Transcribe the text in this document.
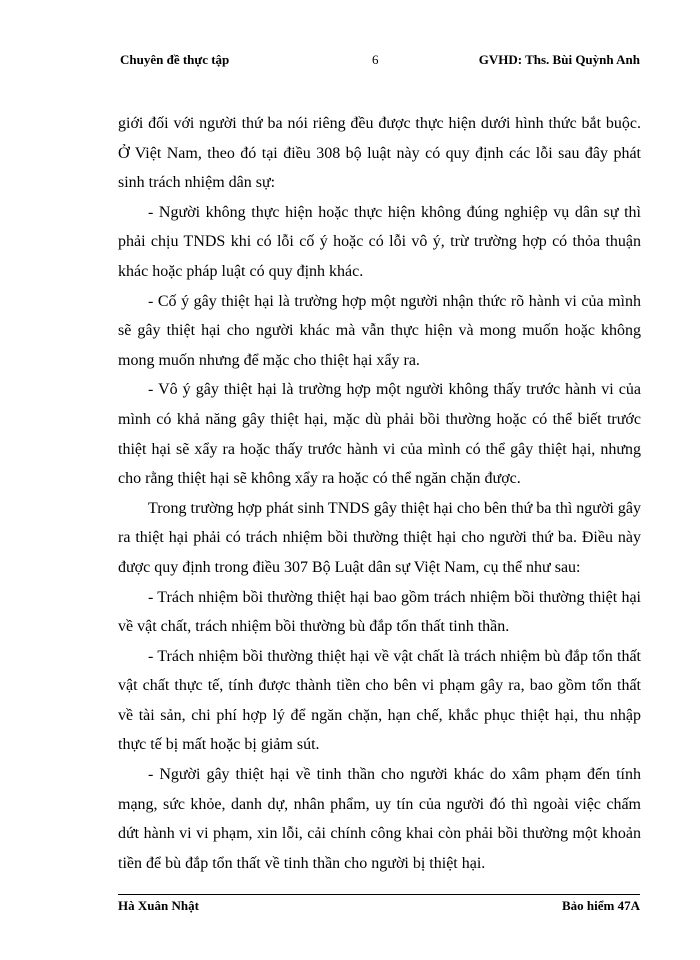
Chuyên đề thực tập	6	GVHD: Ths. Bùi Quỳnh Anh

giới đối với người thứ ba nói riêng đều được thực hiện dưới hình thức bắt buộc. Ở Việt Nam, theo đó tại điều 308 bộ luật này có quy định các lỗi sau đây phát sinh trách nhiệm dân sự:

- Người không thực hiện hoặc thực hiện không đúng nghiệp vụ dân sự thì phải chịu TNDS khi có lỗi cố ý hoặc có lỗi vô ý, trừ trường hợp có thỏa thuận khác hoặc pháp luật có quy định khác.

- Cố ý gây thiệt hại là trường hợp một người nhận thức rõ hành vi của mình sẽ gây thiệt hại cho người khác mà vẫn thực hiện và mong muốn hoặc không mong muốn nhưng để mặc cho thiệt hại xẩy ra.

- Vô ý gây thiệt hại là trường hợp một người không thấy trước hành vi của mình có khả năng gây thiệt hại, mặc dù phải bồi thường hoặc có thể biết trước thiệt hại sẽ xẩy ra hoặc thấy trước hành vi của mình có thể gây thiệt hại, nhưng cho rằng thiệt hại sẽ không xẩy ra hoặc có thể ngăn chặn được.

Trong trường hợp phát sinh TNDS gây thiệt hại cho bên thứ ba thì người gây ra thiệt hại phải có trách nhiệm bồi thường thiệt hại cho người thứ ba. Điều này được quy định trong điều 307 Bộ Luật dân sự Việt Nam, cụ thể như sau:

- Trách nhiệm bồi thường thiệt hại bao gồm trách nhiệm bồi thường thiệt hại về vật chất, trách nhiệm bồi thường bù đắp tổn thất tinh thần.

- Trách nhiệm bồi thường thiệt hại về vật chất là trách nhiệm bù đắp tổn thất vật chất thực tế, tính được thành tiền cho bên vi phạm gây ra, bao gồm tổn thất về tài sản, chi phí hợp lý để ngăn chặn, hạn chế, khắc phục thiệt hại, thu nhập thực tế bị mất hoặc bị giảm sút.

- Người gây thiệt hại về tinh thần cho người khác do xâm phạm đến tính mạng, sức khỏe, danh dự, nhân phẩm, uy tín của người đó thì ngoài việc chấm dứt hành vi vi phạm, xin lỗi, cải chính công khai còn phải bồi thường một khoản tiền để bù đắp tổn thất về tinh thần cho người bị thiệt hại.

Hà Xuân Nhật	Bảo hiểm 47A
